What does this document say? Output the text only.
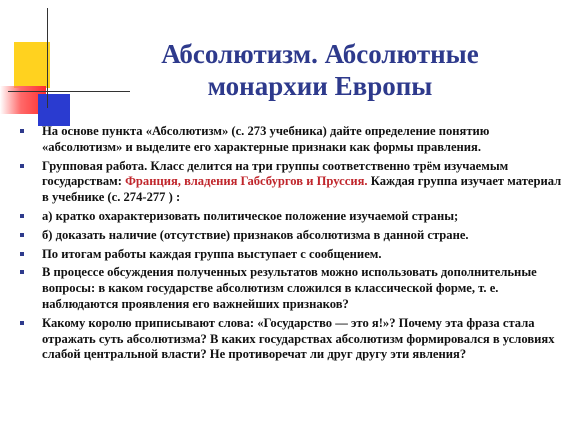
Абсолютизм. Абсолютные монархии Европы
На основе пункта «Абсолютизм» (с. 273 учебника) дайте определение понятию «абсолютизм» и выделите его характерные признаки как формы правления.
Групповая работа. Класс делится на три группы соответственно трём изучаемым государствам: Франция, владения Габсбургов и Пруссия. Каждая группа изучает материал в учебнике (с. 274-277 ) :
а) кратко охарактеризовать политическое положение изучаемой страны;
б) доказать наличие (отсутствие) признаков абсолютизма в данной стране.
По итогам работы каждая группа выступает с сообщением.
В процессе обсуждения полученных результатов можно использовать дополнительные вопросы: в каком государстве абсолютизм сложился в классической форме, т. е. наблюдаются проявления его важнейших признаков?
Какому королю приписывают слова: «Государство — это я!»? Почему эта фраза стала отражать суть абсолютизма? В каких государствах абсолютизм формировался в условиях слабой центральной власти? Не противоречат ли друг другу эти явления?
